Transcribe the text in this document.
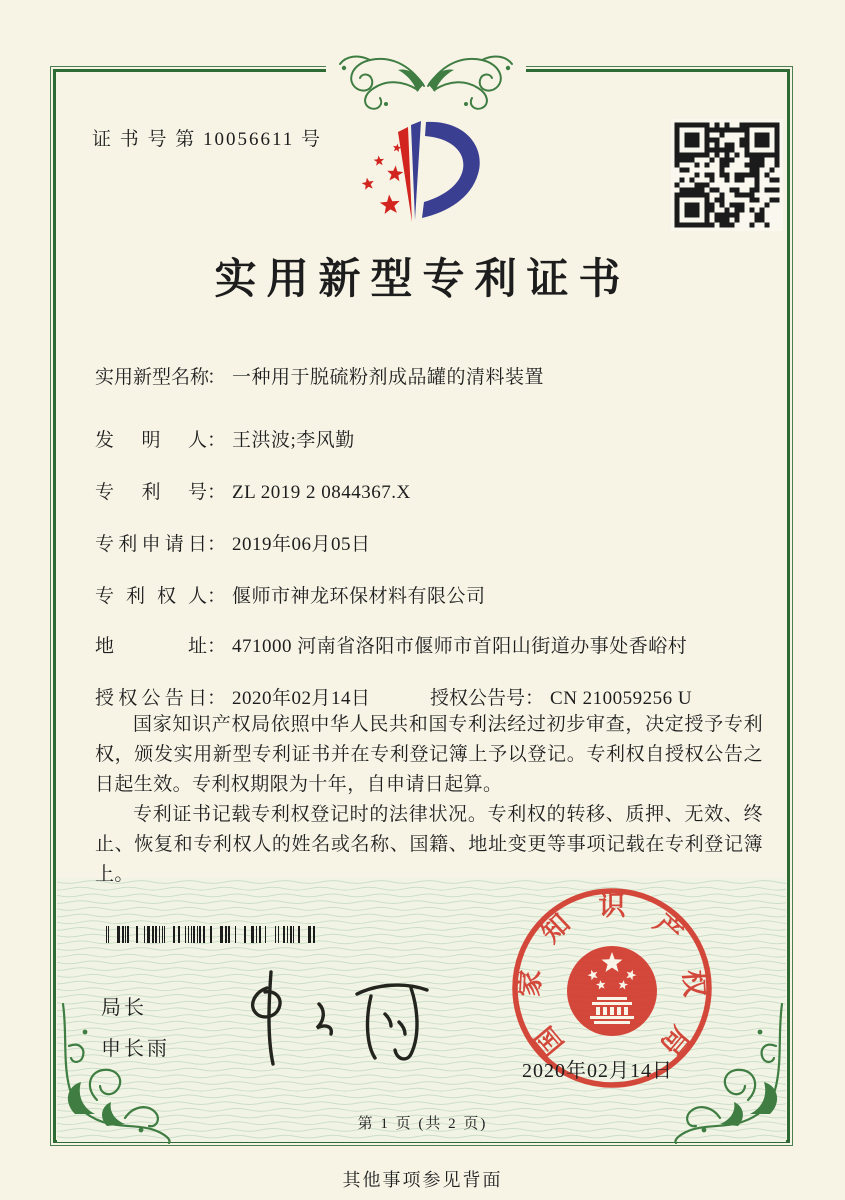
证 书 号 第 10056611 号
实用新型专利证书
实用新型名称： 一种用于脱硫粉剂成品罐的清料装置
发明人： 王洪波;李风勤
专利号： ZL 2019 2 0844367.X
专利申请日： 2019年06月05日
专利权人： 偃师市神龙环保材料有限公司
地址： 471000 河南省洛阳市偃师市首阳山街道办事处香峪村
授权公告日： 2020年02月14日	授权公告号： CN 210059256 U

国家知识产权局依照中华人民共和国专利法经过初步审查，决定授予专利权，颁发实用新型专利证书并在专利登记簿上予以登记。专利权自授权公告之日起生效。专利权期限为十年，自申请日起算。

专利证书记载专利权登记时的法律状况。专利权的转移、质押、无效、终止、恢复和专利权人的姓名或名称、国籍、地址变更等事项记载在专利登记簿上。

局长
申长雨	国
家
知
识
产
权
局
2020年02月14日
第 1 页 (共 2 页)
其他事项参见背面
